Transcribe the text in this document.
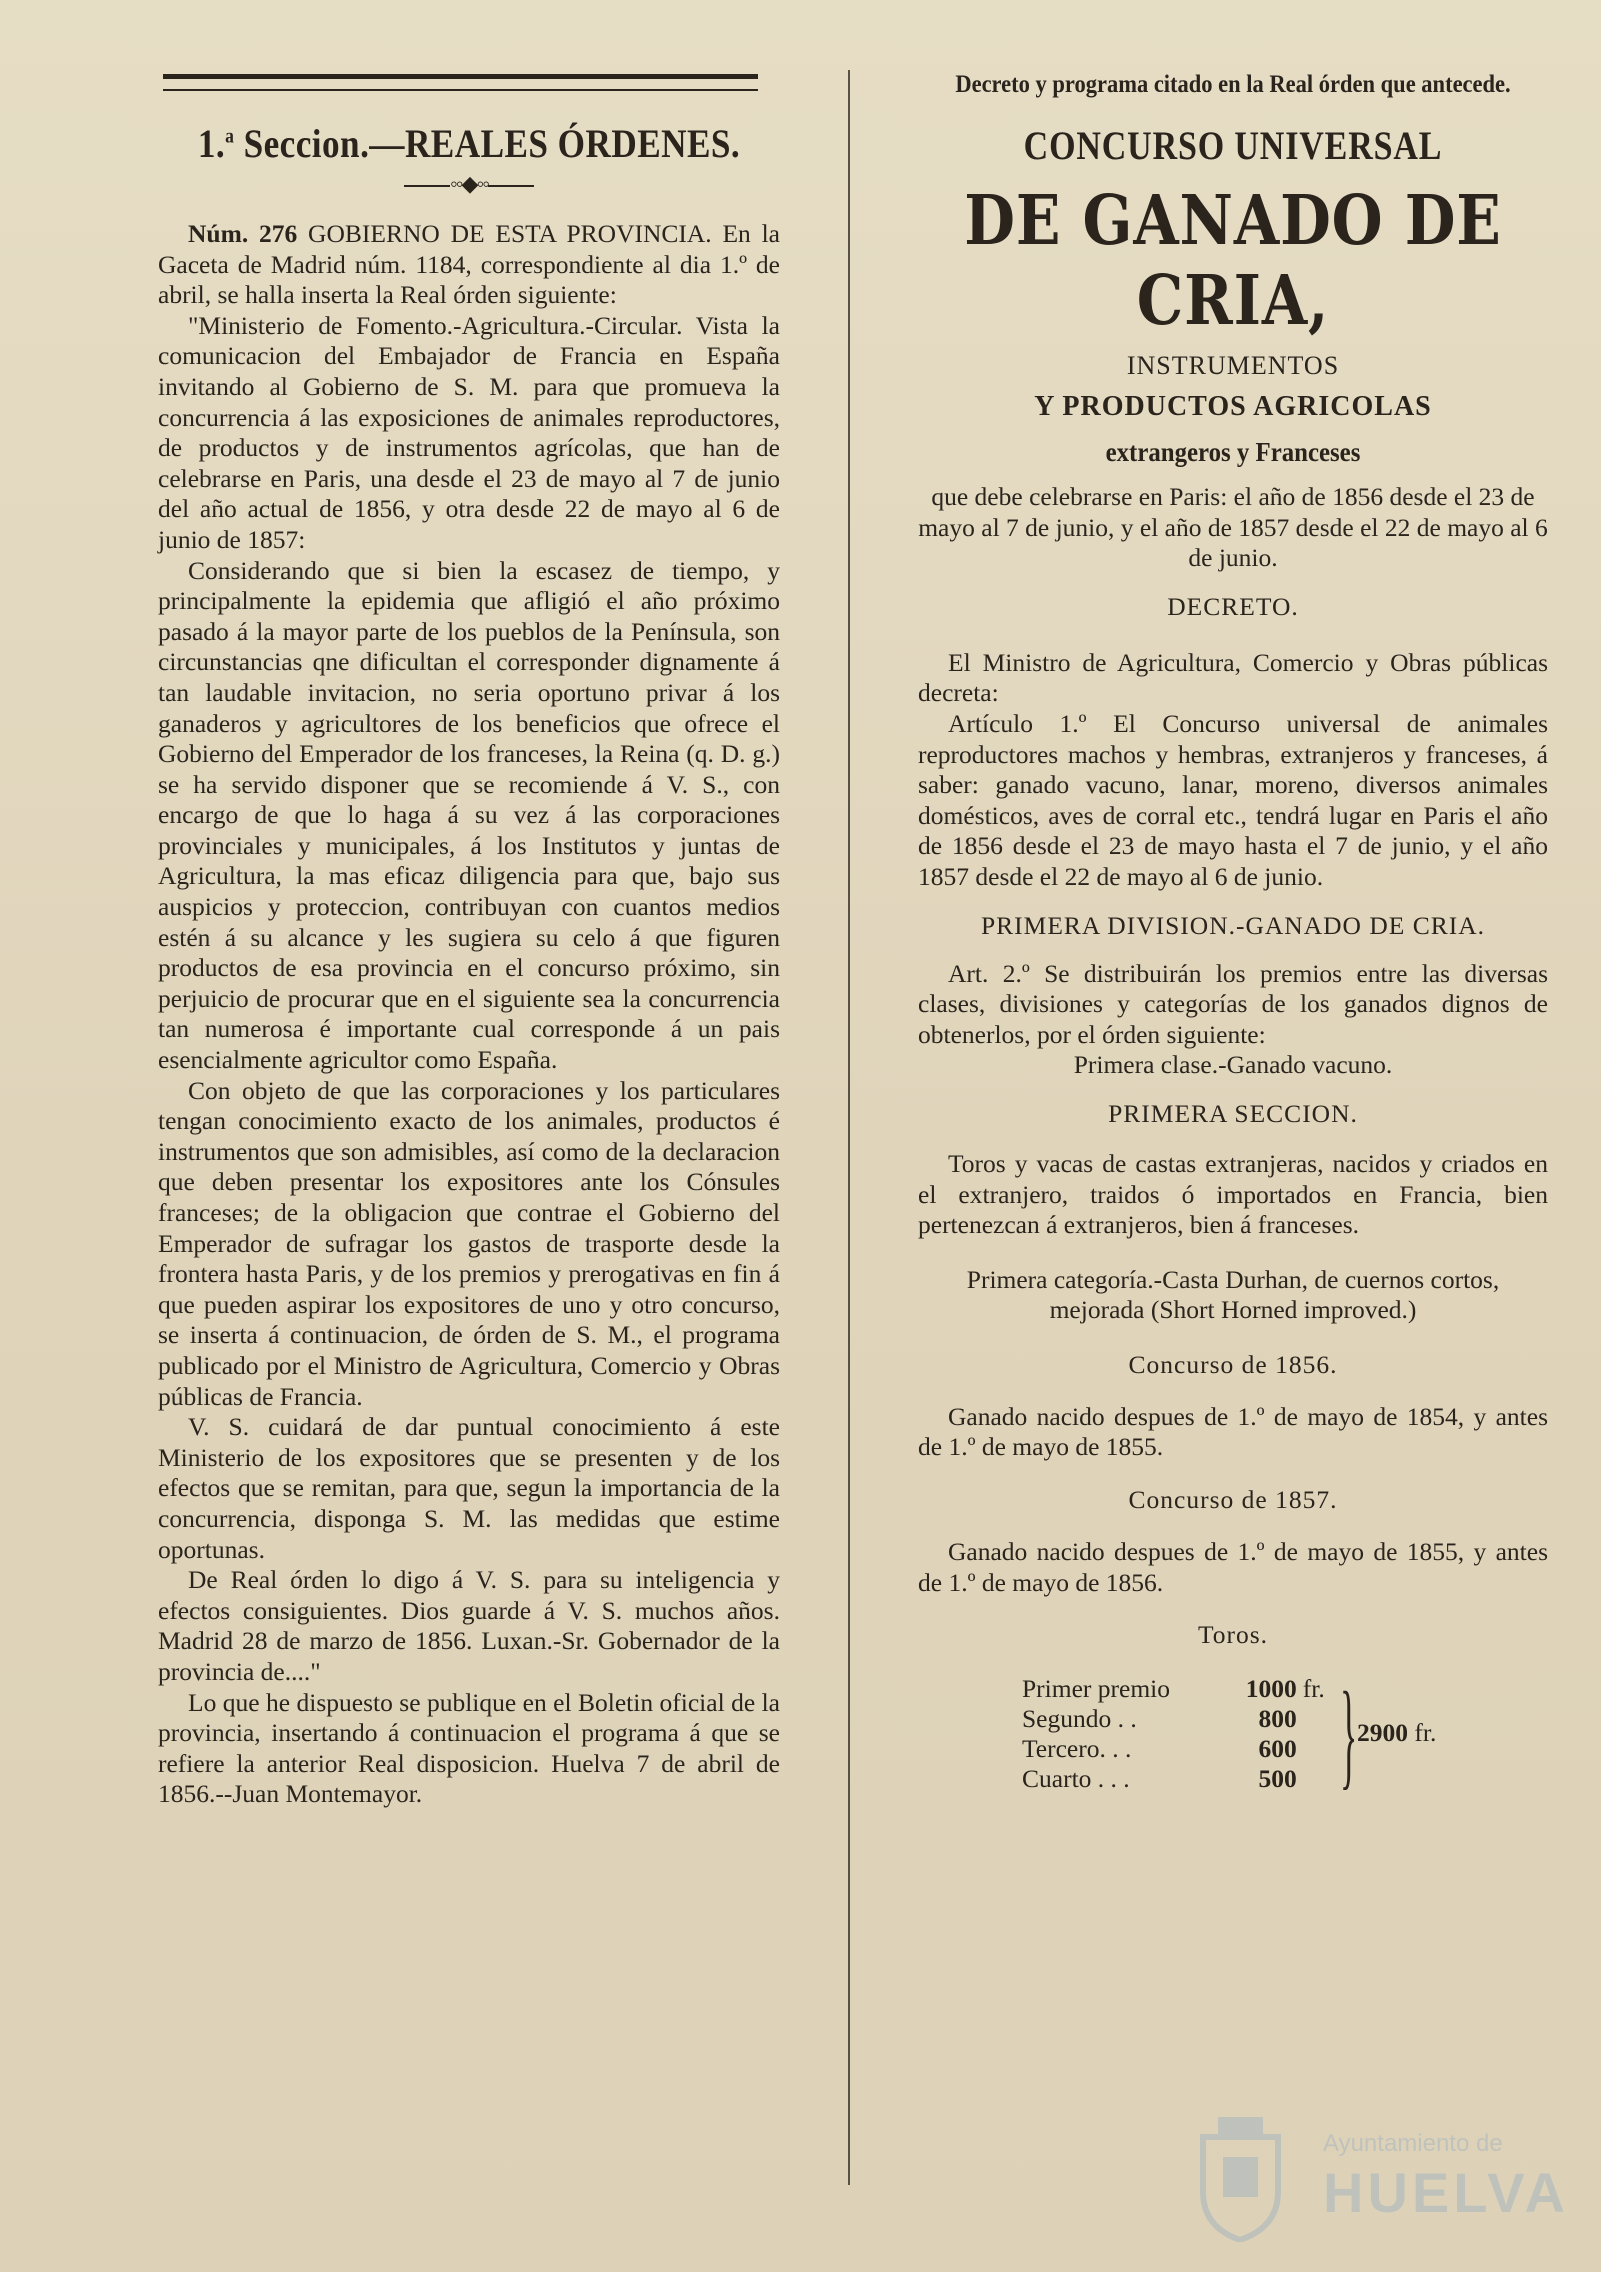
1.$^a$ Seccion.—REALES ÓRDENES.
◦◦◆◦◦

Núm. 276 GOBIERNO DE ESTA PROVINCIA. En la Gaceta de Madrid núm. 1184, correspondiente al dia 1.º de abril, se halla inserta la Real órden siguiente:

"Ministerio de Fomento.-Agricultura.-Circular. Vista la comunicacion del Embajador de Francia en España invitando al Gobierno de S. M. para que promueva la concurrencia á las exposiciones de animales reproductores, de productos y de instrumentos agrícolas, que han de celebrarse en Paris, una desde el 23 de mayo al 7 de junio del año actual de 1856, y otra desde 22 de mayo al 6 de junio de 1857:

Considerando que si bien la escasez de tiempo, y principalmente la epidemia que afligió el año próximo pasado á la mayor parte de los pueblos de la Península, son circunstancias qne dificultan el corresponder dignamente á tan laudable invitacion, no seria oportuno privar á los ganaderos y agricultores de los beneficios que ofrece el Gobierno del Emperador de los franceses, la Reina (q. D. g.) se ha servido disponer que se recomiende á V. S., con encargo de que lo haga á su vez á las corporaciones provinciales y municipales, á los Institutos y juntas de Agricultura, la mas eficaz diligencia para que, bajo sus auspicios y proteccion, contribuyan con cuantos medios estén á su alcance y les sugiera su celo á que figuren productos de esa provincia en el concurso próximo, sin perjuicio de procurar que en el siguiente sea la concurrencia tan numerosa é importante cual corresponde á un pais esencialmente agricultor como España.

Con objeto de que las corporaciones y los particulares tengan conocimiento exacto de los animales, productos é instrumentos que son admisibles, así como de la declaracion que deben presentar los expositores ante los Cónsules franceses; de la obligacion que contrae el Gobierno del Emperador de sufragar los gastos de trasporte desde la frontera hasta Paris, y de los premios y prerogativas en fin á que pueden aspirar los expositores de uno y otro concurso, se inserta á continuacion, de órden de S. M., el programa publicado por el Ministro de Agricultura, Comercio y Obras públicas de Francia.

V. S. cuidará de dar puntual conocimiento á este Ministerio de los expositores que se presenten y de los efectos que se remitan, para que, segun la importancia de la concurrencia, disponga S. M. las medidas que estime oportunas.

De Real órden lo digo á V. S. para su inteligencia y efectos consiguientes. Dios guarde á V. S. muchos años. Madrid 28 de marzo de 1856. Luxan.-Sr. Gobernador de la provincia de...."

Lo que he dispuesto se publique en el Boletin oficial de la provincia, insertando á continuacion el programa á que se refiere la anterior Real disposicion. Huelva 7 de abril de 1856.--Juan Montemayor.

Decreto y programa citado en la Real órden que antecede.

CONCURSO UNIVERSAL

DE GANADO DE CRIA,

INSTRUMENTOS

Y PRODUCTOS AGRICOLAS

extrangeros y Franceses

que debe celebrarse en Paris: el año de 1856 desde el 23 de mayo al 7 de junio, y el año de 1857 desde el 22 de mayo al 6 de junio.

DECRETO.

El Ministro de Agricultura, Comercio y Obras públicas decreta:

Artículo 1.º El Concurso universal de animales reproductores machos y hembras, extranjeros y franceses, á saber: ganado vacuno, lanar, moreno, diversos animales domésticos, aves de corral etc., tendrá lugar en Paris el año de 1856 desde el 23 de mayo hasta el 7 de junio, y el año 1857 desde el 22 de mayo al 6 de junio.

PRIMERA DIVISION.-GANADO DE CRIA.

Art. 2.º Se distribuirán los premios entre las diversas clases, divisiones y categorías de los ganados dignos de obtenerlos, por el órden siguiente:

Primera clase.-Ganado vacuno.

PRIMERA SECCION.

Toros y vacas de castas extranjeras, nacidos y criados en el extranjero, traidos ó importados en Francia, bien pertenezcan á extranjeros, bien á franceses.

Primera categoría.-Casta Durhan, de cuernos cortos, mejorada (Short Horned improved.)

Concurso de 1856.

Ganado nacido despues de 1.º de mayo de 1854, y antes de 1.º de mayo de 1855.

Concurso de 1857.

Ganado nacido despues de 1.º de mayo de 1855, y antes de 1.º de mayo de 1856.

Toros.

Primer premio	1000 fr.
Segundo . .	800
Tercero. . .	600
Cuarto . . .	500 } 2900 fr.
Ayuntamiento de
HUELVA
